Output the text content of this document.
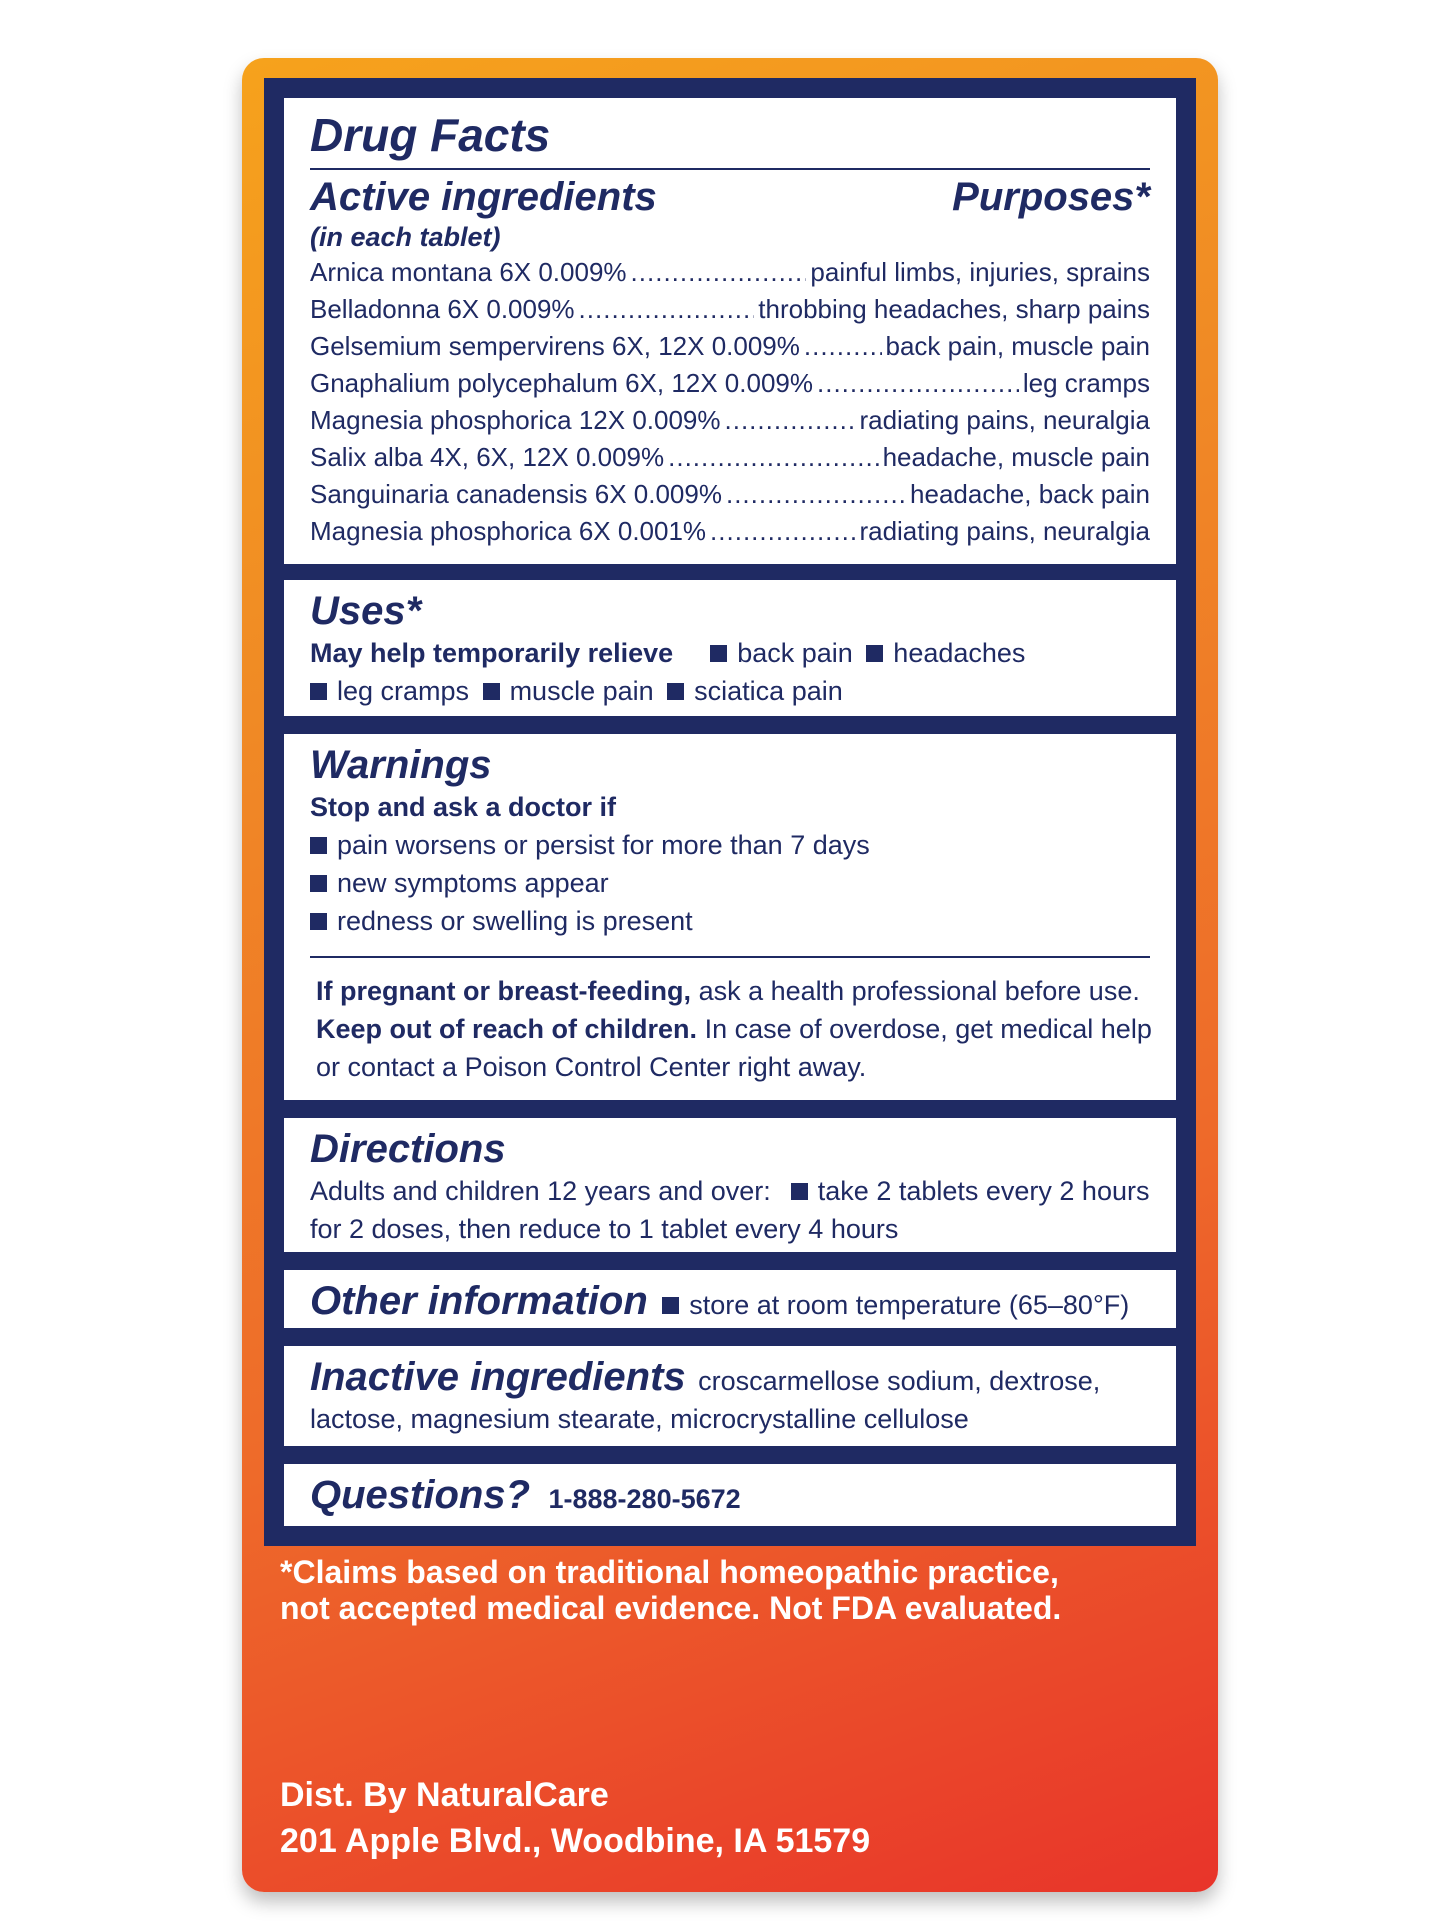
Drug Facts
Active ingredients	Purposes*
(in each tablet)
Arnica montana 6X 0.009% .....	painful limbs, injuries, sprains
Belladonna 6X 0.009% .....	throbbing headaches, sharp pains
Gelsemium sempervirens 6X, 12X 0.009% .....	back pain, muscle pain
Gnaphalium polycephalum 6X, 12X 0.009% .....	leg cramps
Magnesia phosphorica 12X 0.009% .....	radiating pains, neuralgia
Salix alba 4X, 6X, 12X 0.009% .....	headache, muscle pain
Sanguinaria canadensis 6X 0.009% .....	headache, back pain
Magnesia phosphorica 6X 0.001% .....	radiating pains, neuralgia
Uses*
May help temporarily relieve back pain headaches
leg cramps muscle pain sciatica pain
Warnings
Stop and ask a doctor if
pain worsens or persist for more than 7 days
new symptoms appear
redness or swelling is present
If pregnant or breast-feeding, ask a health professional before use.
Keep out of reach of children. In case of overdose, get medical help
or contact a Poison Control Center right away.
Directions
Adults and children 12 years and over: take 2 tablets every 2 hours
for 2 doses, then reduce to 1 tablet every 4 hours
Other information store at room temperature (65–80°F)
Inactive ingredients croscarmellose sodium, dextrose,
lactose, magnesium stearate, microcrystalline cellulose
Questions? 1-888-280-5672
*Claims based on traditional homeopathic practice,
not accepted medical evidence. Not FDA evaluated.
Dist. By NaturalCare
201 Apple Blvd., Woodbine, IA 51579
